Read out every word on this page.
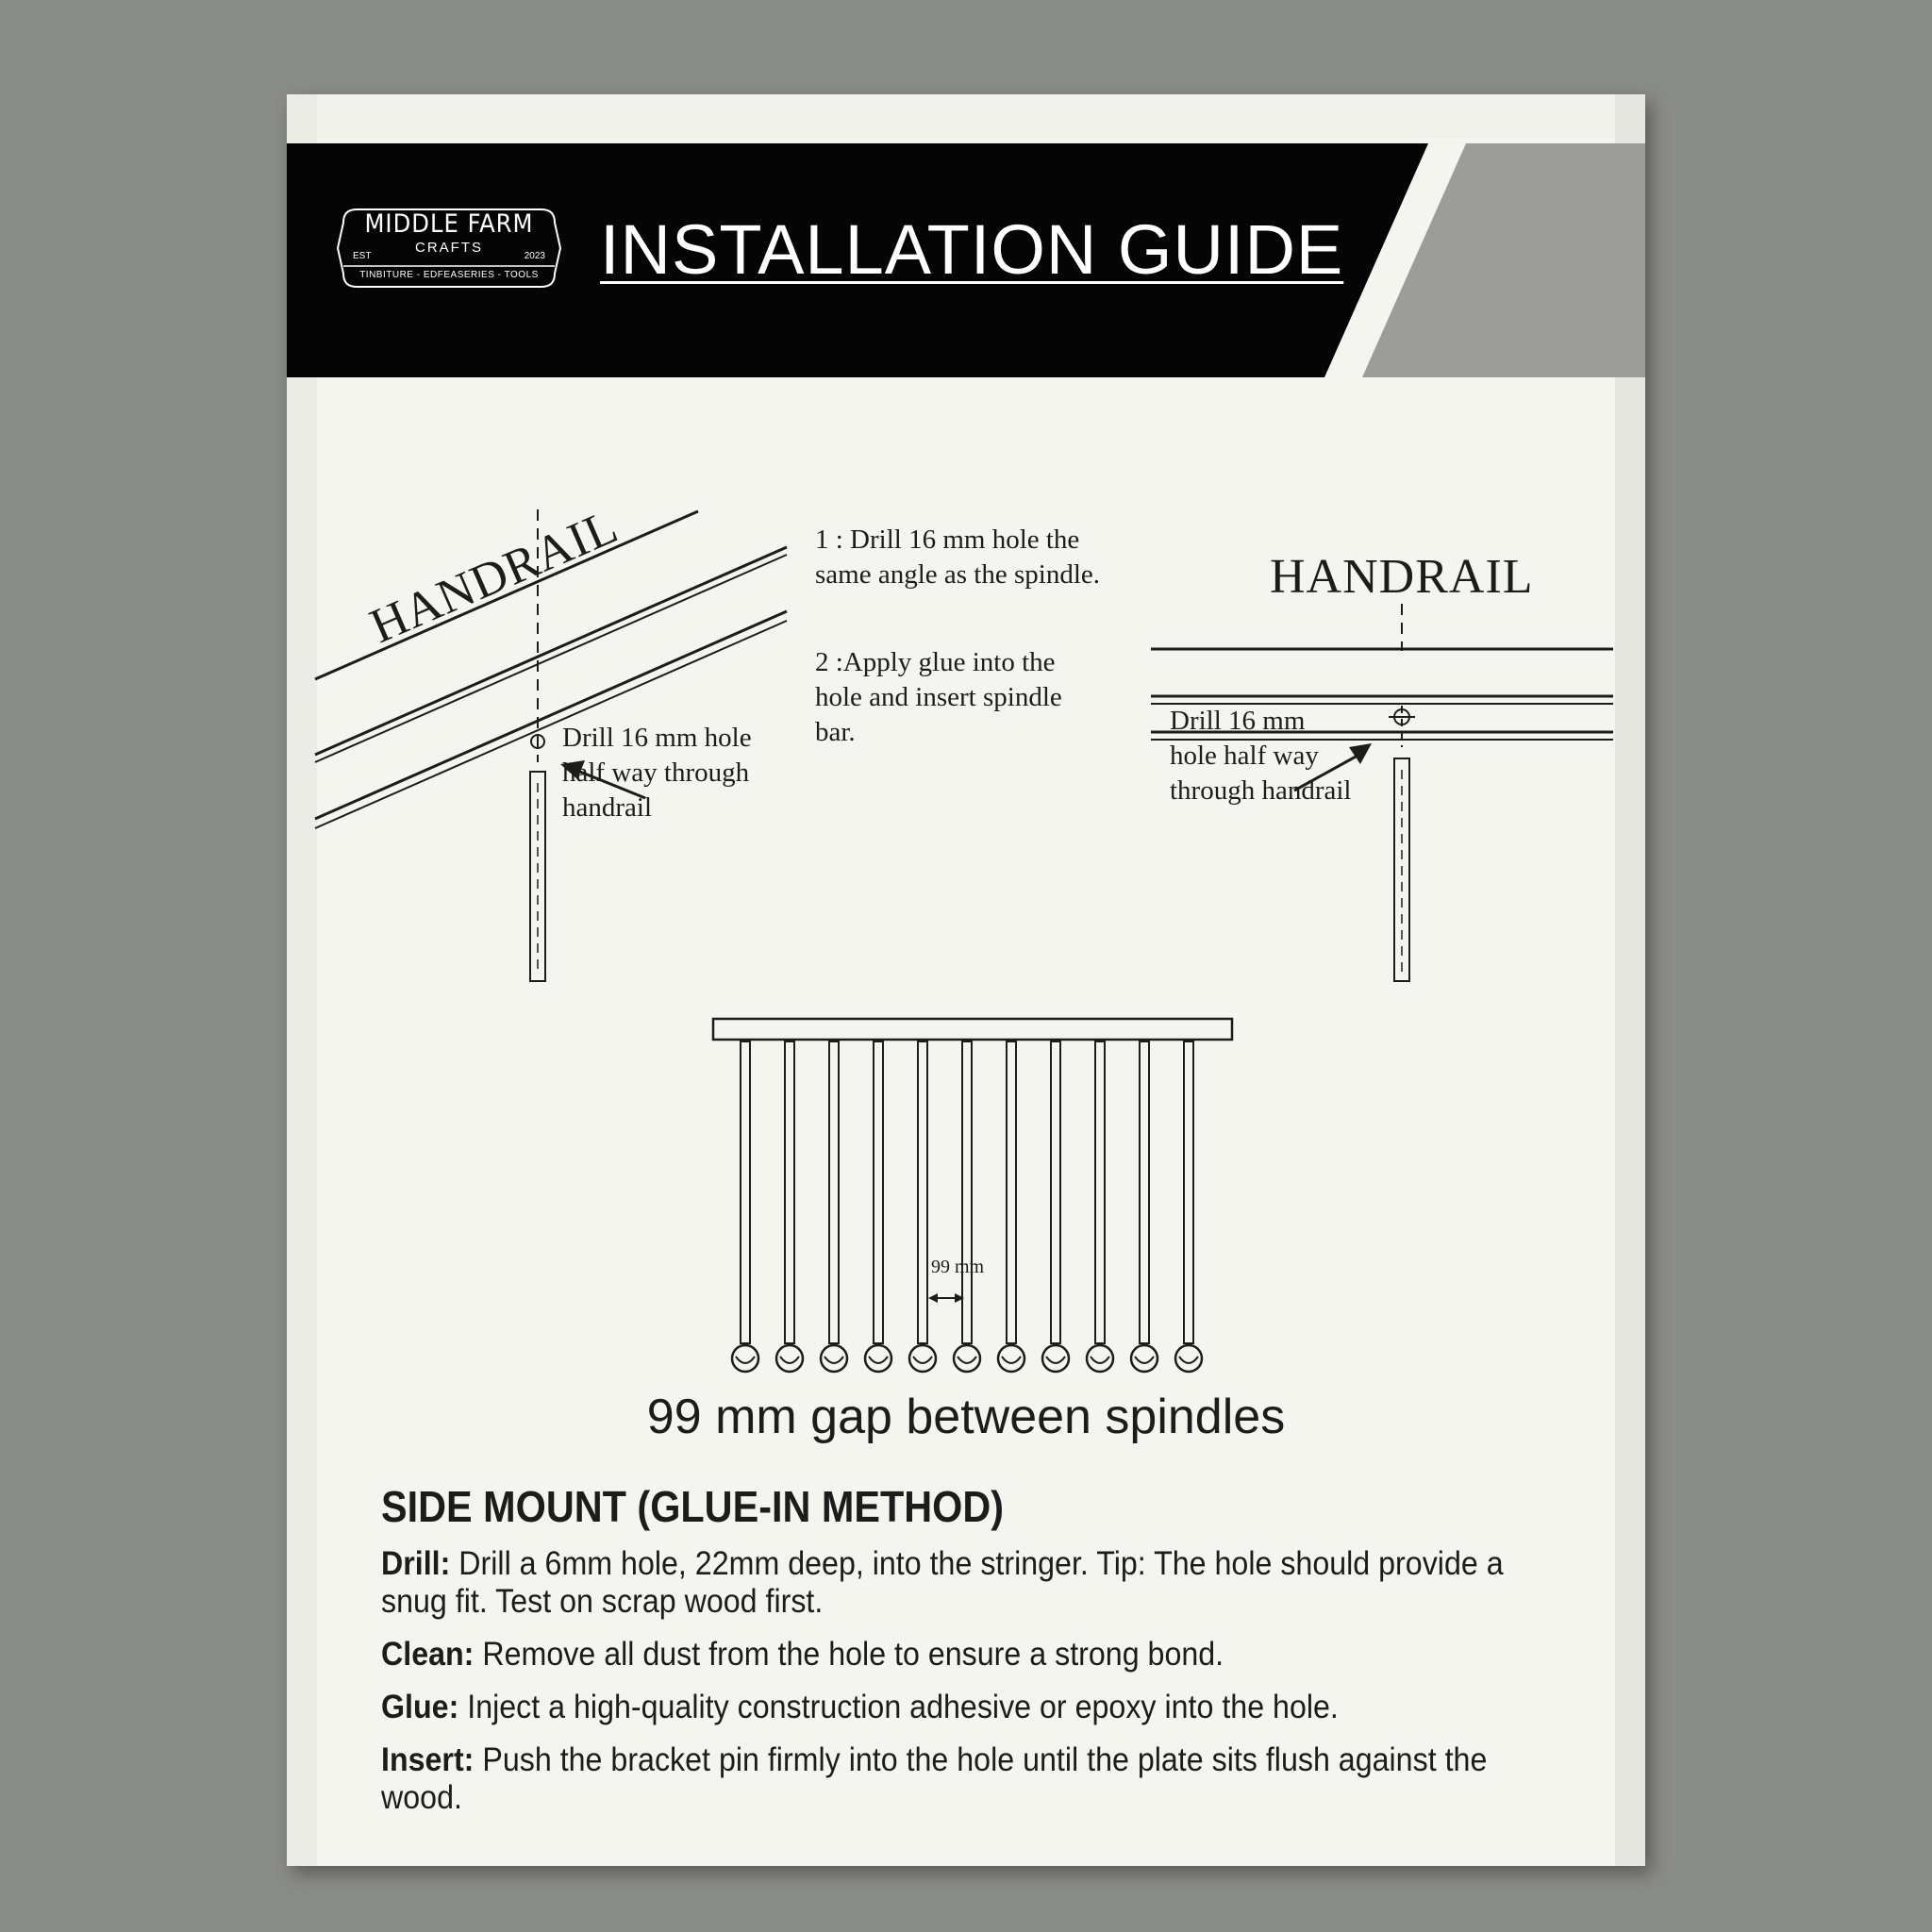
MIDDLE FARM
CRAFTS
EST	2023
TINBITURE - EDFEASERIES - TOOLS INSTALLATION GUIDE
HANDRAIL
Drill 16 mm hole half way through handrail
1 : Drill 16 mm hole the same angle as the spindle.
2 :Apply glue into the hole and insert spindle bar.
HANDRAIL
Drill 16 mm hole half way through handrail
99 mm
99 mm gap between spindles
SIDE MOUNT (GLUE-IN METHOD)
Drill: Drill a 6mm hole, 22mm deep, into the stringer. Tip: The hole should provide a snug fit. Test on scrap wood first.
Clean: Remove all dust from the hole to ensure a strong bond.
Glue: Inject a high-quality construction adhesive or epoxy into the hole.
Insert: Push the bracket pin firmly into the hole until the plate sits flush against the wood.
